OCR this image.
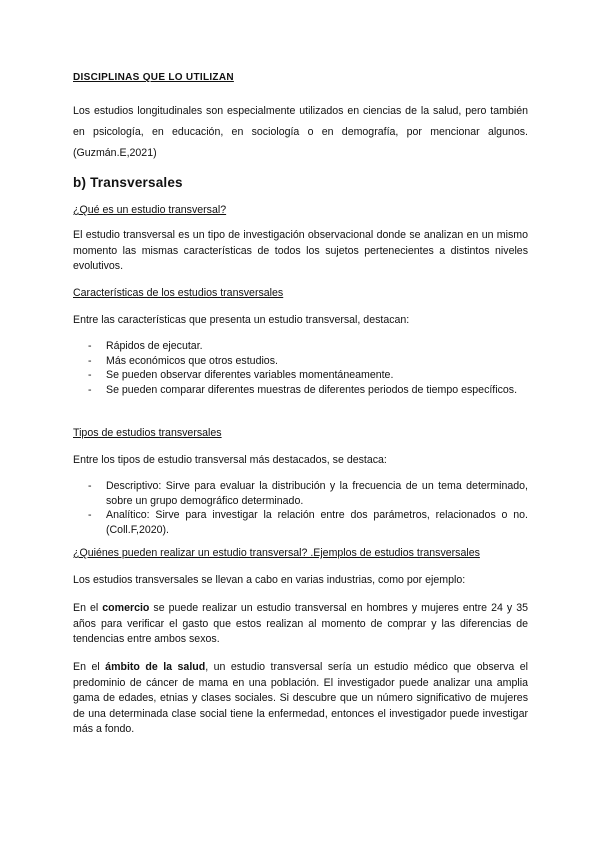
DISCIPLINAS QUE LO UTILIZAN

Los estudios longitudinales son especialmente utilizados en ciencias de la salud, pero también en psicología, en educación, en sociología o en demografía, por mencionar algunos.(Guzmán.E,2021)

b) Transversales

¿Qué es un estudio transversal?

El estudio transversal es un tipo de investigación observacional donde se analizan en un mismo momento las mismas características de todos los sujetos pertenecientes a distintos niveles evolutivos.

Características de los estudios transversales

Entre las características que presenta un estudio transversal, destacan:

- Rápidos de ejecutar.
- Más económicos que otros estudios.
- Se pueden observar diferentes variables momentáneamente.
- Se pueden comparar diferentes muestras de diferentes periodos de tiempo específicos.

Tipos de estudios transversales

Entre los tipos de estudio transversal más destacados, se destaca:

- Descriptivo: Sirve para evaluar la distribución y la frecuencia de un tema determinado, sobre un grupo demográfico determinado.
- Analítico: Sirve para investigar la relación entre dos parámetros, relacionados o no.(Coll.F,2020).

¿Quiénes pueden realizar un estudio transversal? .Ejemplos de estudios transversales

Los estudios transversales se llevan a cabo en varias industrias, como por ejemplo:

En el comercio se puede realizar un estudio transversal en hombres y mujeres entre 24 y 35 años para verificar el gasto que estos realizan al momento de comprar y las diferencias de tendencias entre ambos sexos.

En el ámbito de la salud, un estudio transversal sería un estudio médico que observa el predominio de cáncer de mama en una población. El investigador puede analizar una amplia gama de edades, etnias y clases sociales. Si descubre que un número significativo de mujeres de una determinada clase social tiene la enfermedad, entonces el investigador puede investigar más a fondo.
